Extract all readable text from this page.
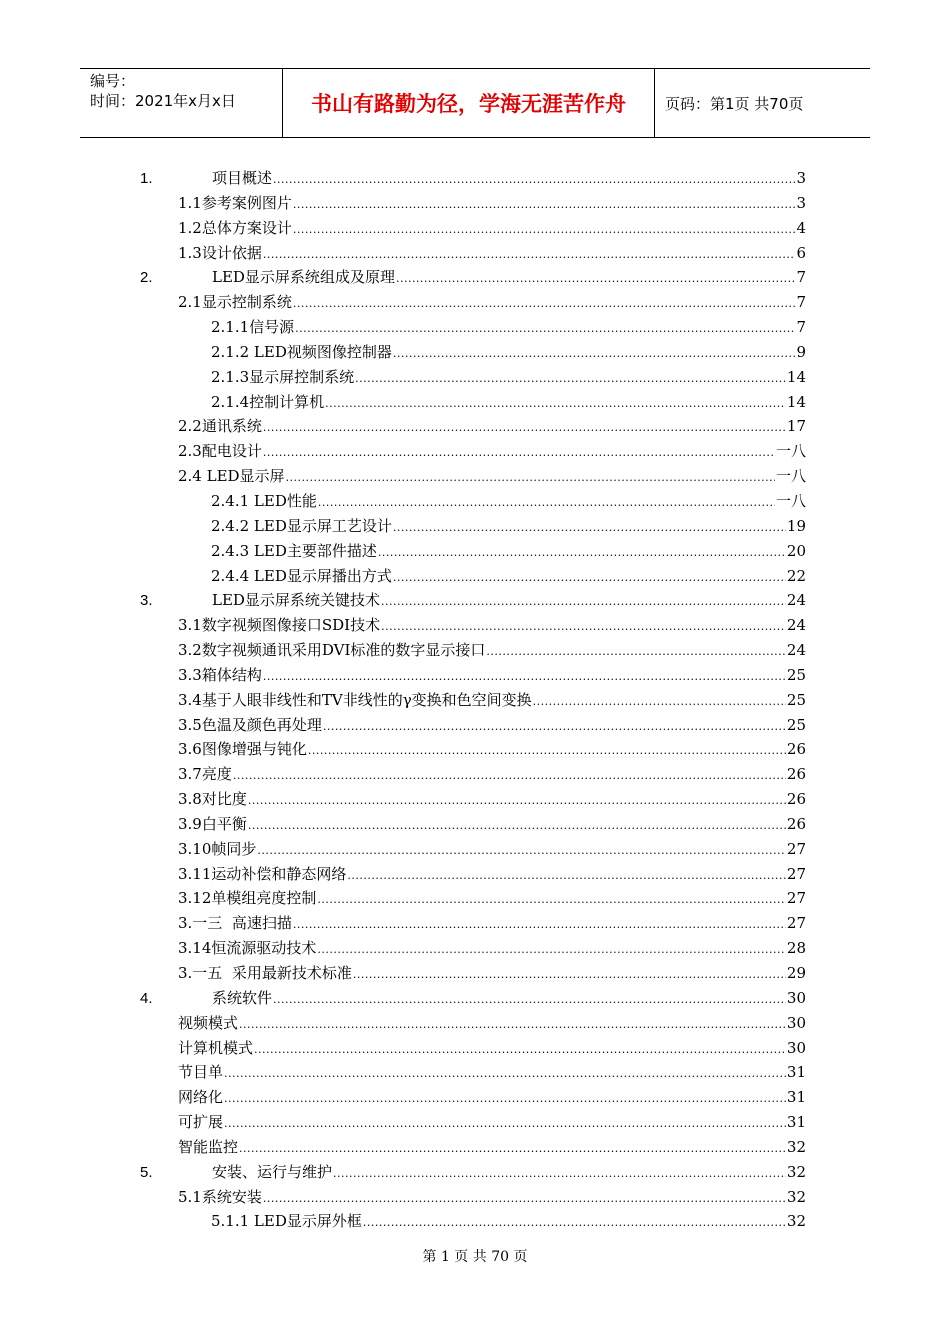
编号：
时间：2021年x月x日	书山有路勤为径，学海无涯苦作舟	页码：第1页 共70页
1.	项目概述 .....	3
1.1参考案例图片 .....	3
1.2总体方案设计 .....	4
1.3设计依据 .....	6
2.	LED显示屏系统组成及原理 .....	7
2.1显示控制系统 .....	7
2.1.1信号源 .....	7
2.1.2 LED视频图像控制器 .....	9
2.1.3显示屏控制系统 .....	14
2.1.4控制计算机 .....	14
2.2通讯系统 .....	17
2.3配电设计 .....	一八
2.4 LED显示屏 .....	一八
2.4.1 LED性能 .....	一八
2.4.2 LED显示屏工艺设计 .....	19
2.4.3 LED主要部件描述 .....	20
2.4.4 LED显示屏播出方式 .....	22
3.	LED显示屏系统关键技术 .....	24
3.1数字视频图像接口SDI技术 .....	24
3.2数字视频通讯采用DVI标准的数字显示接口 .....	24
3.3箱体结构 .....	25
3.4基于人眼非线性和TV非线性的γ变换和色空间变换 .....	25
3.5色温及颜色再处理 .....	25
3.6图像增强与钝化 .....	26
3.7亮度 .....	26
3.8对比度 .....	26
3.9白平衡 .....	26
3.10帧同步 .....	27
3.11运动补偿和静态网络 .....	27
3.12单模组亮度控制 .....	27
3.一三  高速扫描 .....	27
3.14恒流源驱动技术 .....	28
3.一五  采用最新技术标准 .....	29
4.	系统软件 .....	30
视频模式 .....	30
计算机模式 .....	30
节目单 .....	31
网络化 .....	31
可扩展 .....	31
智能监控 .....	32
5.	安装、运行与维护 .....	32
5.1系统安装 .....	32
5.1.1 LED显示屏外框 .....	32
第 1 页 共 70 页
